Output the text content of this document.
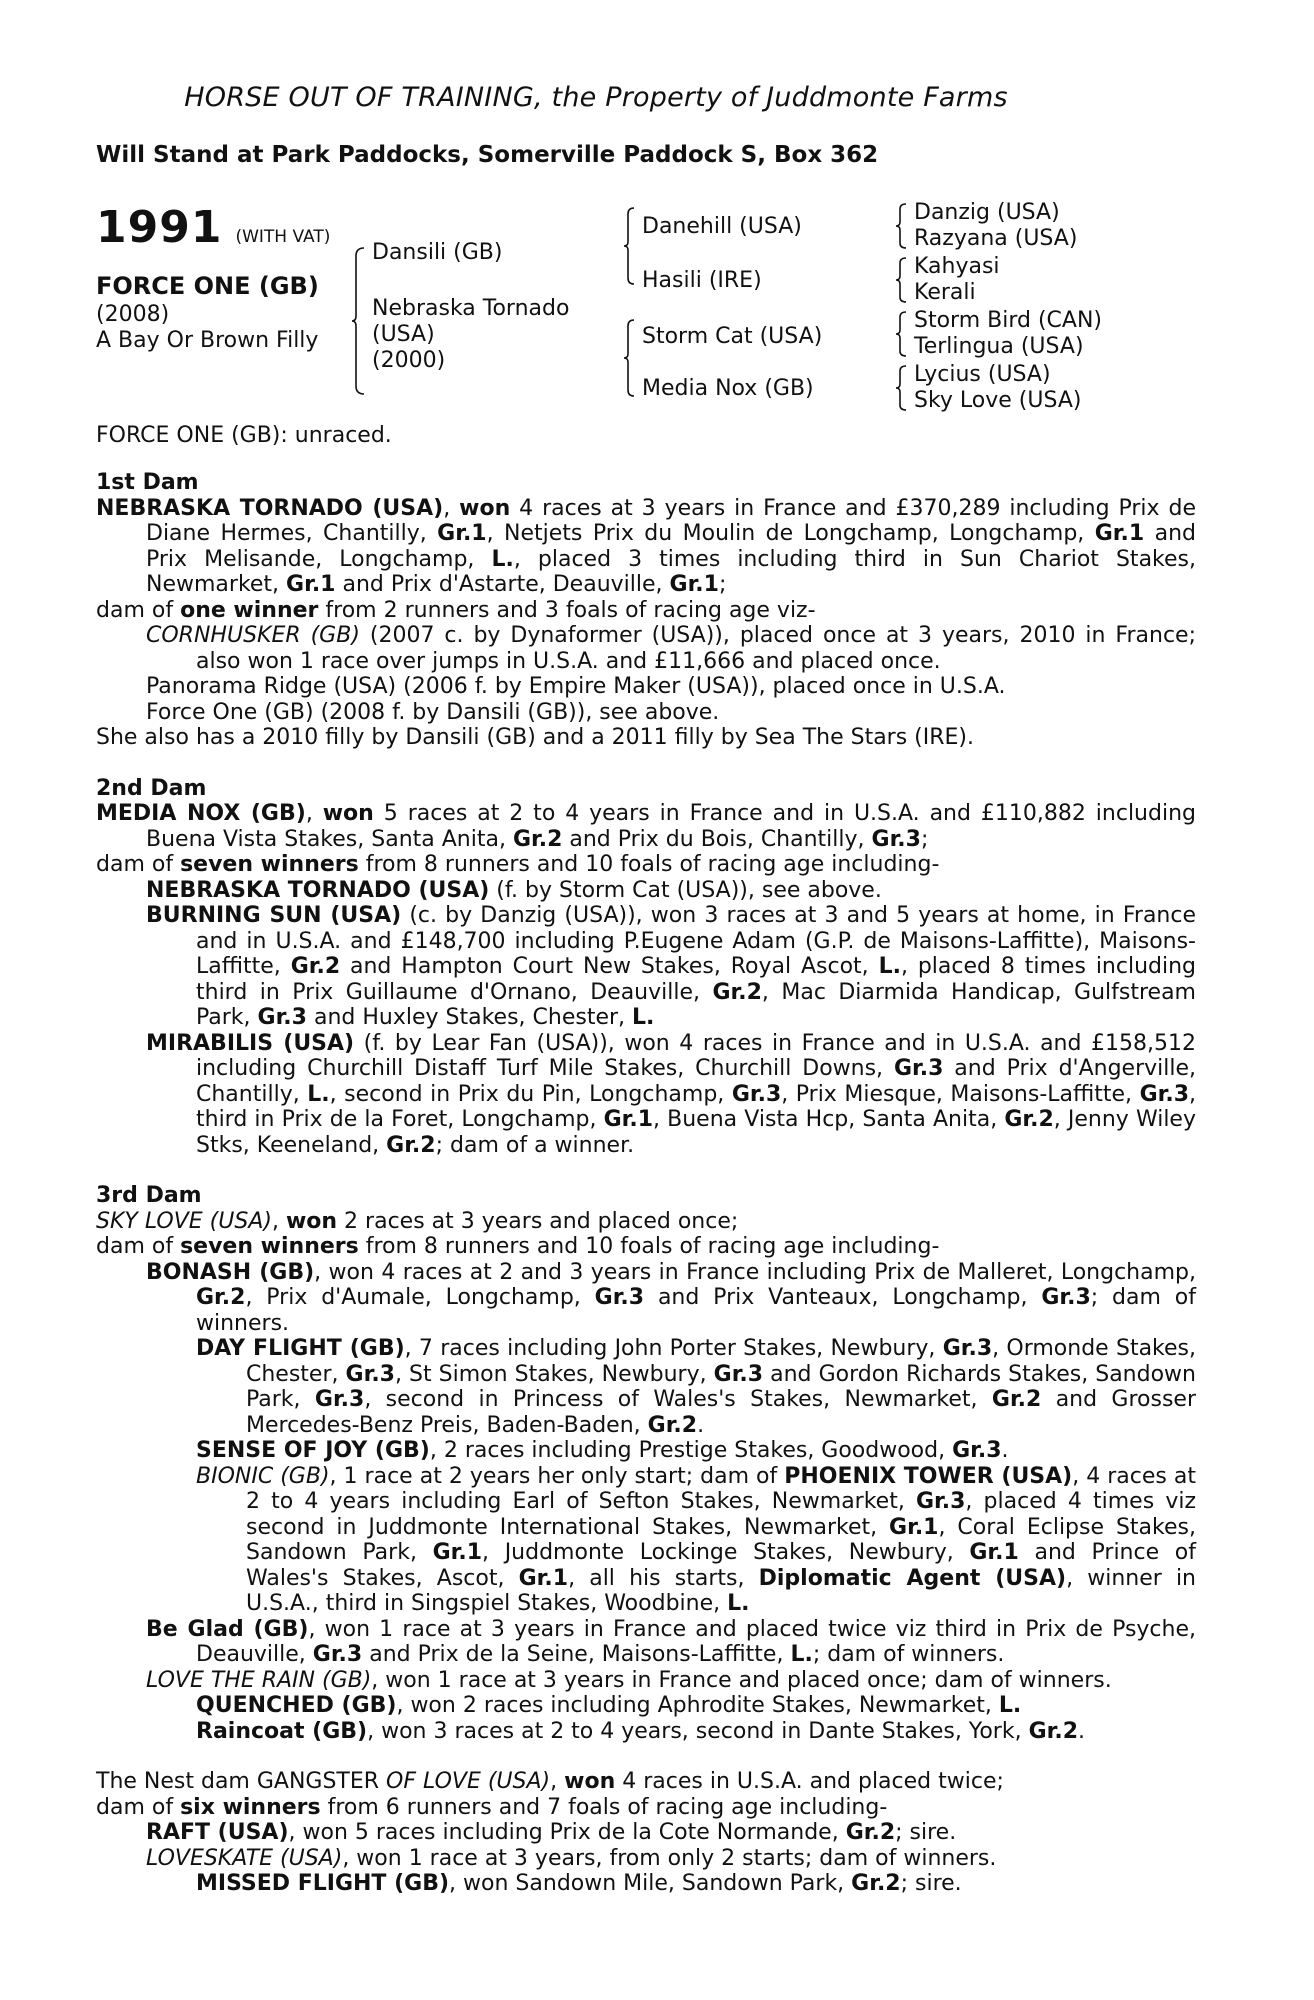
HORSE OUT OF TRAINING, the Property of Juddmonte Farms
Will Stand at Park Paddocks, Somerville Paddock S, Box 362
1991 (WITH VAT)
FORCE ONE (GB)
(2008)
A Bay Or Brown Filly
Dansili (GB)
Nebraska Tornado
(USA)
(2000)
Danehill (USA)
Hasili (IRE)
Storm Cat (USA)
Media Nox (GB)
Danzig (USA)
Razyana (USA)
Kahyasi
Kerali
Storm Bird (CAN)
Terlingua (USA)
Lycius (USA)
Sky Love (USA)
FORCE ONE (GB): unraced.
1st Dam
NEBRASKA TORNADO (USA), won 4 races at 3 years in France and £370,289 including Prix de Diane Hermes, Chantilly, Gr.1, Netjets Prix du Moulin de Longchamp, Longchamp, Gr.1 and Prix Melisande, Longchamp, L., placed 3 times including third in Sun Chariot Stakes, Newmarket, Gr.1 and Prix d'Astarte, Deauville, Gr.1;
dam of one winner from 2 runners and 3 foals of racing age viz-
CORNHUSKER (GB) (2007 c. by Dynaformer (USA)), placed once at 3 years, 2010 in France; also won 1 race over jumps in U.S.A. and £11,666 and placed once.
Panorama Ridge (USA) (2006 f. by Empire Maker (USA)), placed once in U.S.A.
Force One (GB) (2008 f. by Dansili (GB)), see above.
She also has a 2010 filly by Dansili (GB) and a 2011 filly by Sea The Stars (IRE).
2nd Dam
MEDIA NOX (GB), won 5 races at 2 to 4 years in France and in U.S.A. and £110,882 including Buena Vista Stakes, Santa Anita, Gr.2 and Prix du Bois, Chantilly, Gr.3;
dam of seven winners from 8 runners and 10 foals of racing age including-
NEBRASKA TORNADO (USA) (f. by Storm Cat (USA)), see above.
BURNING SUN (USA) (c. by Danzig (USA)), won 3 races at 3 and 5 years at home, in France and in U.S.A. and £148,700 including P.Eugene Adam (G.P. de Maisons-Laffitte), Maisons-Laffitte, Gr.2 and Hampton Court New Stakes, Royal Ascot, L., placed 8 times including third in Prix Guillaume d'Ornano, Deauville, Gr.2, Mac Diarmida Handicap, Gulfstream Park, Gr.3 and Huxley Stakes, Chester, L.
MIRABILIS (USA) (f. by Lear Fan (USA)), won 4 races in France and in U.S.A. and £158,512 including Churchill Distaff Turf Mile Stakes, Churchill Downs, Gr.3 and Prix d'Angerville, Chantilly, L., second in Prix du Pin, Longchamp, Gr.3, Prix Miesque, Maisons-Laffitte, Gr.3, third in Prix de la Foret, Longchamp, Gr.1, Buena Vista Hcp, Santa Anita, Gr.2, Jenny Wiley Stks, Keeneland, Gr.2; dam of a winner.
3rd Dam
SKY LOVE (USA), won 2 races at 3 years and placed once;
dam of seven winners from 8 runners and 10 foals of racing age including-
BONASH (GB), won 4 races at 2 and 3 years in France including Prix de Malleret, Longchamp, Gr.2, Prix d'Aumale, Longchamp, Gr.3 and Prix Vanteaux, Longchamp, Gr.3; dam of winners.
DAY FLIGHT (GB), 7 races including John Porter Stakes, Newbury, Gr.3, Ormonde Stakes, Chester, Gr.3, St Simon Stakes, Newbury, Gr.3 and Gordon Richards Stakes, Sandown Park, Gr.3, second in Princess of Wales's Stakes, Newmarket, Gr.2 and Grosser Mercedes-Benz Preis, Baden-Baden, Gr.2.
SENSE OF JOY (GB), 2 races including Prestige Stakes, Goodwood, Gr.3.
BIONIC (GB), 1 race at 2 years her only start; dam of PHOENIX TOWER (USA), 4 races at 2 to 4 years including Earl of Sefton Stakes, Newmarket, Gr.3, placed 4 times viz second in Juddmonte International Stakes, Newmarket, Gr.1, Coral Eclipse Stakes, Sandown Park, Gr.1, Juddmonte Lockinge Stakes, Newbury, Gr.1 and Prince of Wales's Stakes, Ascot, Gr.1, all his starts, Diplomatic Agent (USA), winner in U.S.A., third in Singspiel Stakes, Woodbine, L.
Be Glad (GB), won 1 race at 3 years in France and placed twice viz third in Prix de Psyche, Deauville, Gr.3 and Prix de la Seine, Maisons-Laffitte, L.; dam of winners.
LOVE THE RAIN (GB), won 1 race at 3 years in France and placed once; dam of winners.
QUENCHED (GB), won 2 races including Aphrodite Stakes, Newmarket, L.
Raincoat (GB), won 3 races at 2 to 4 years, second in Dante Stakes, York, Gr.2.
The Nest dam GANGSTER OF LOVE (USA), won 4 races in U.S.A. and placed twice;
dam of six winners from 6 runners and 7 foals of racing age including-
RAFT (USA), won 5 races including Prix de la Cote Normande, Gr.2; sire.
LOVESKATE (USA), won 1 race at 3 years, from only 2 starts; dam of winners.
MISSED FLIGHT (GB), won Sandown Mile, Sandown Park, Gr.2; sire.
